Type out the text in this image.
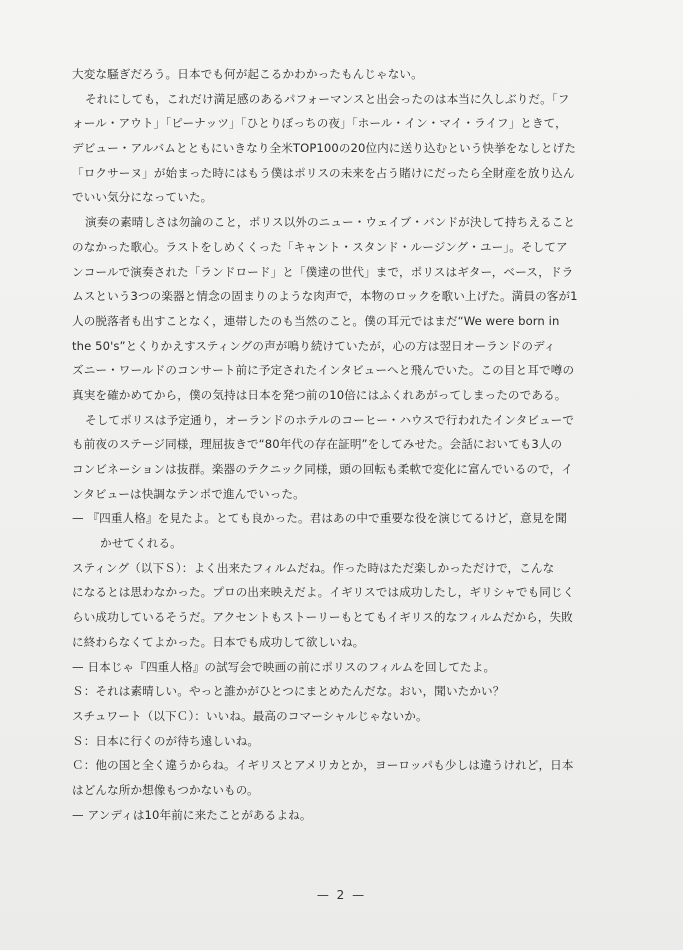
大変な騒ぎだろう。日本でも何が起こるかわかったもんじゃない。
それにしても，これだけ満足感のあるパフォーマンスと出会ったのは本当に久しぶりだ。「フ
ォール・アウト」「ピーナッツ」「ひとりぼっちの夜」「ホール・イン・マイ・ライフ」ときて，
デビュー・アルバムとともにいきなり全米TOP100の20位内に送り込むという快挙をなしとげた
「ロクサーヌ」が始まった時にはもう僕はポリスの未来を占う賭けにだったら全財産を放り込ん
でいい気分になっていた。
演奏の素晴しさは勿論のこと，ポリス以外のニュー・ウェイブ・バンドが決して持ちえること
のなかった歌心。ラストをしめくくった「キャント・スタンド・ルージング・ユー」。そしてア
ンコールで演奏された「ランドロード」と「僕達の世代」まで，ポリスはギター，ベース，ドラ
ムスという3つの楽器と情念の固まりのような肉声で，本物のロックを歌い上げた。満員の客が1
人の脱落者も出すことなく，連帯したのも当然のこと。僕の耳元ではまだ“We were born in
the 50's”とくりかえすスティングの声が鳴り続けていたが，心の方は翌日オーランドのディ
ズニー・ワールドのコンサート前に予定されたインタビューへと飛んでいた。この目と耳で噂の
真実を確かめてから，僕の気持は日本を発つ前の10倍にはふくれあがってしまったのである。
そしてポリスは予定通り，オーランドのホテルのコーヒー・ハウスで行われたインタビューで
も前夜のステージ同様，理屈抜きで“80年代の存在証明”をしてみせた。会話においても3人の
コンビネーションは抜群。楽器のテクニック同様，頭の回転も柔軟で変化に富んでいるので，イ
ンタビューは快調なテンポで進んでいった。
— 『四重人格』を見たよ。とても良かった。君はあの中で重要な役を演じてるけど，意見を聞
かせてくれる。
スティング（以下Ｓ）：よく出来たフィルムだね。作った時はただ楽しかっただけで，こんな
になるとは思わなかった。プロの出来映えだよ。イギリスでは成功したし，ギリシャでも同じく
らい成功しているそうだ。アクセントもストーリーもとてもイギリス的なフィルムだから，失敗
に終わらなくてよかった。日本でも成功して欲しいね。
— 日本じゃ『四重人格』の試写会で映画の前にポリスのフィルムを回してたよ。
Ｓ：それは素晴しい。やっと誰かがひとつにまとめたんだな。おい，聞いたかい？
スチュワート（以下Ｃ）：いいね。最高のコマーシャルじゃないか。
Ｓ：日本に行くのが待ち遠しいね。
Ｃ：他の国と全く違うからね。イギリスとアメリカとか，ヨーロッパも少しは違うけれど，日本
はどんな所か想像もつかないもの。
— アンディは10年前に来たことがあるよね。
— 2 —
